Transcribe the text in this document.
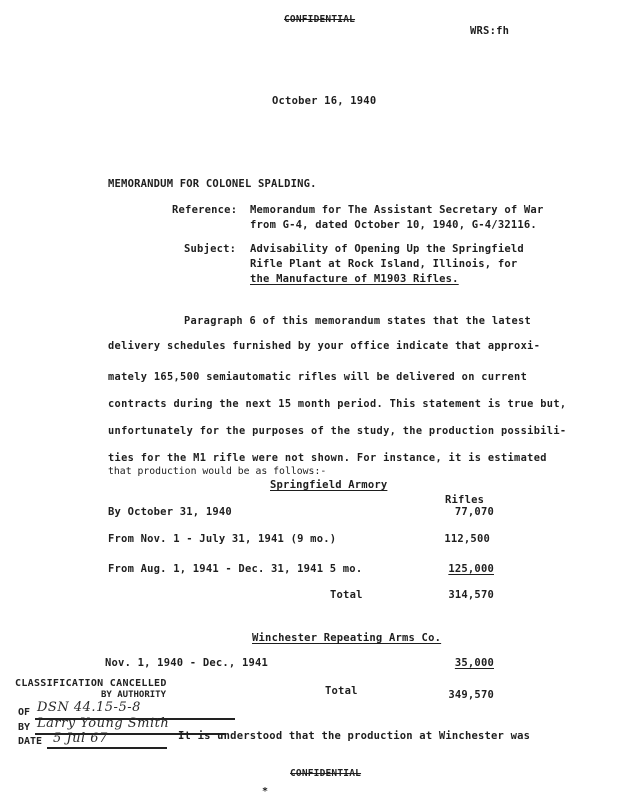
CONFIDENTIAL
WRS:fh
October 16, 1940
MEMORANDUM FOR COLONEL SPALDING.
Reference: Memorandum for The Assistant Secretary of War
from G-4, dated October 10, 1940, G-4/32116.
Subject: Advisability of Opening Up the Springfield
Rifle Plant at Rock Island, Illinois, for
the Manufacture of M1903 Rifles.
Paragraph 6 of this memorandum states that the latest
delivery schedules furnished by your office indicate that approxi-
mately 165,500 semiautomatic rifles will be delivered on current
contracts during the next 15 month period. This statement is true but,
unfortunately for the purposes of the study, the production possibili-
ties for the M1 rifle were not shown. For instance, it is estimated
that production would be as follows:-
Springfield Armory
Rifles
By October 31, 1940	77,070
From Nov. 1 - July 31, 1941 (9 mo.)	112,500
From Aug. 1, 1941 - Dec. 31, 1941 5 mo.	125,000
Total	314,570
Winchester Repeating Arms Co.
Nov. 1, 1940 - Dec., 1941	35,000
Total	349,570
CLASSIFICATION CANCELLED
BY AUTHORITY
OF
BY
DATE
DSN 44.15-5-8
Larry Young Smith
5 Jul 67	It is understood that the production at Winchester was
CONFIDENTIAL
*
